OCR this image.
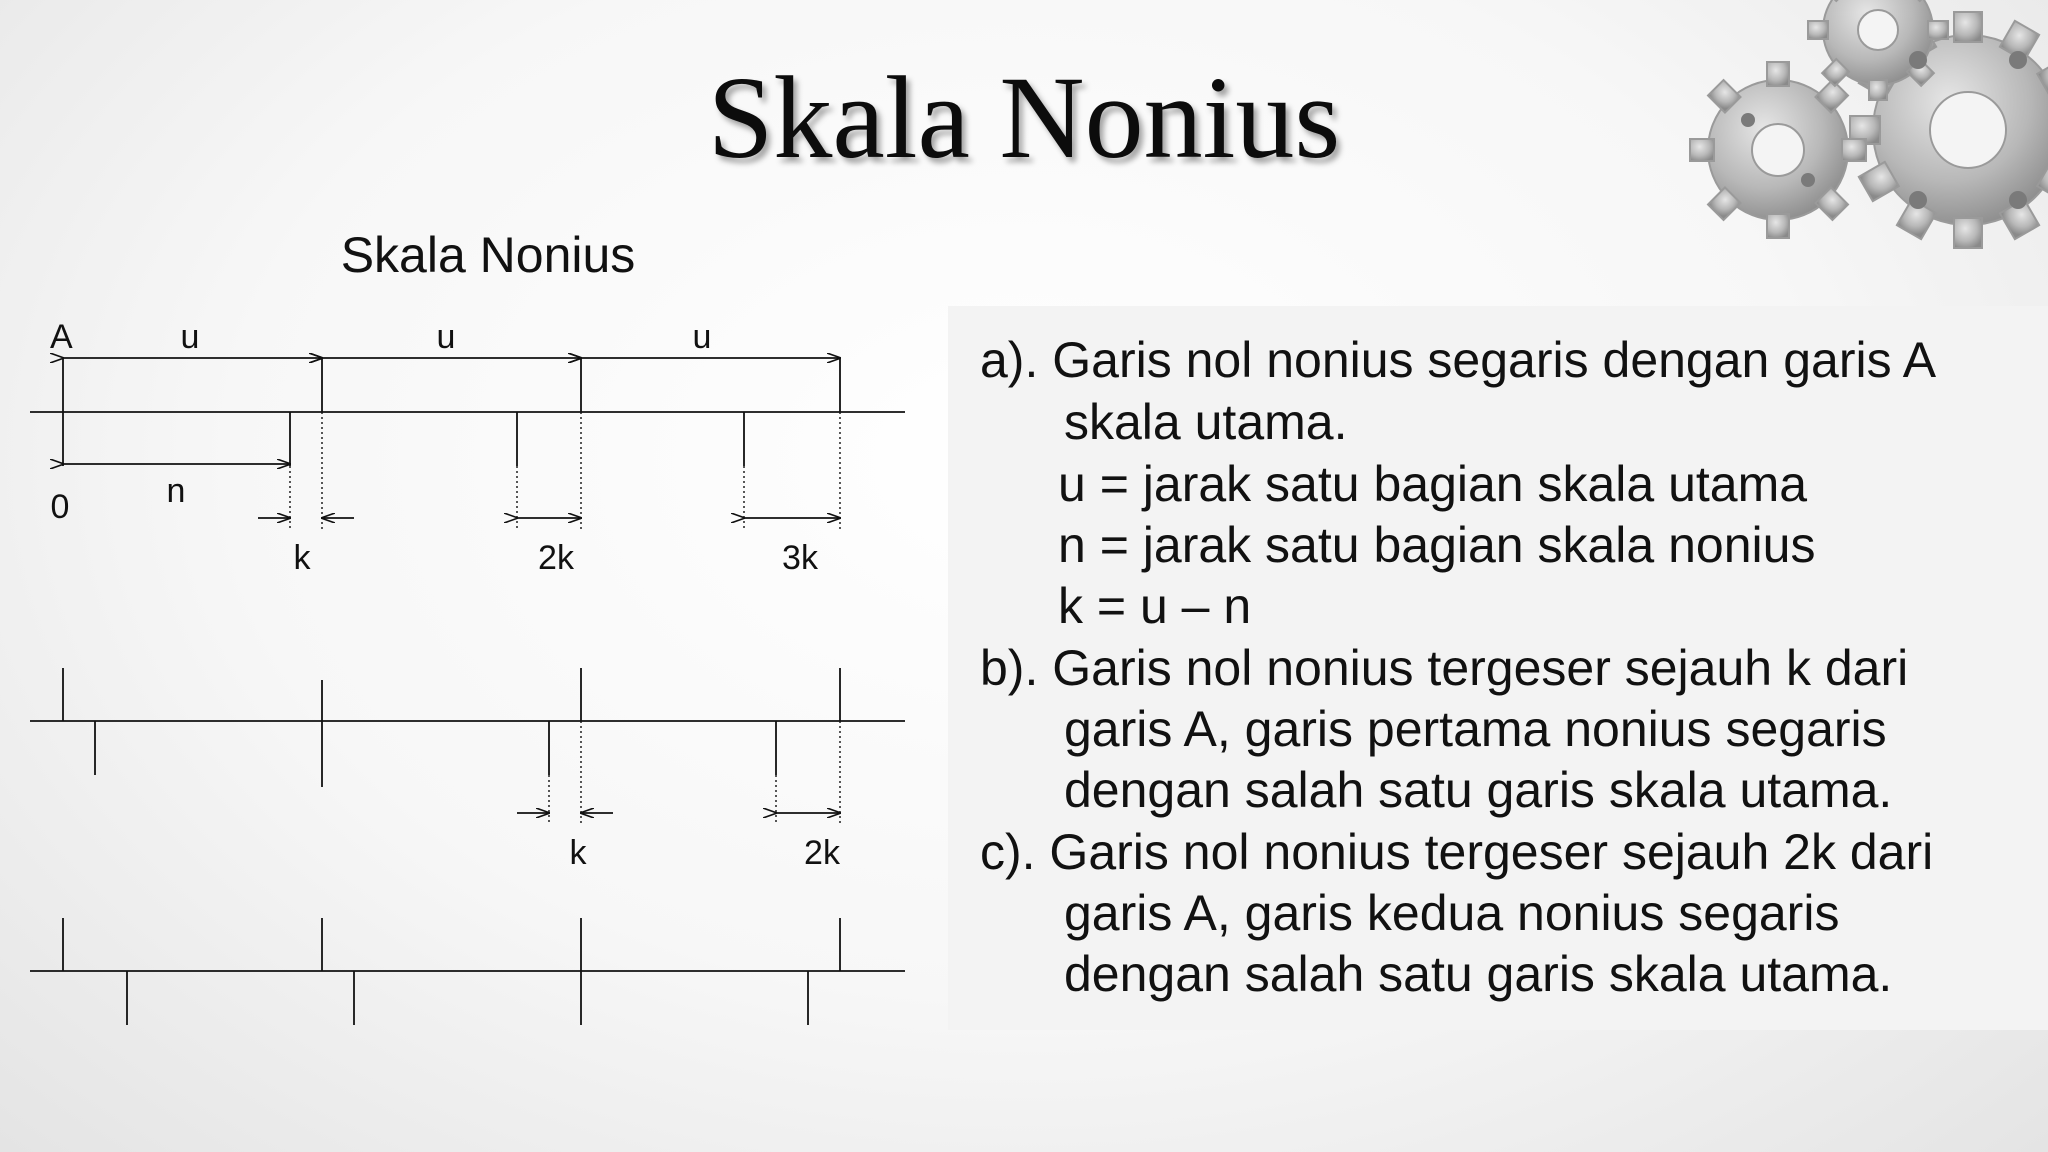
Skala Nonius
Skala Nonius
A	u	u	u
0	n
k	2k	3k
k	2k
a). Garis nol nonius segaris dengan garis A
skala utama.
u = jarak satu bagian skala utama
n = jarak satu bagian skala nonius
k = u – n
b). Garis nol nonius tergeser sejauh k dari
garis A, garis pertama nonius segaris
dengan salah satu garis skala utama.
c). Garis nol nonius tergeser sejauh 2k dari
garis A, garis kedua nonius segaris
dengan salah satu garis skala utama.
